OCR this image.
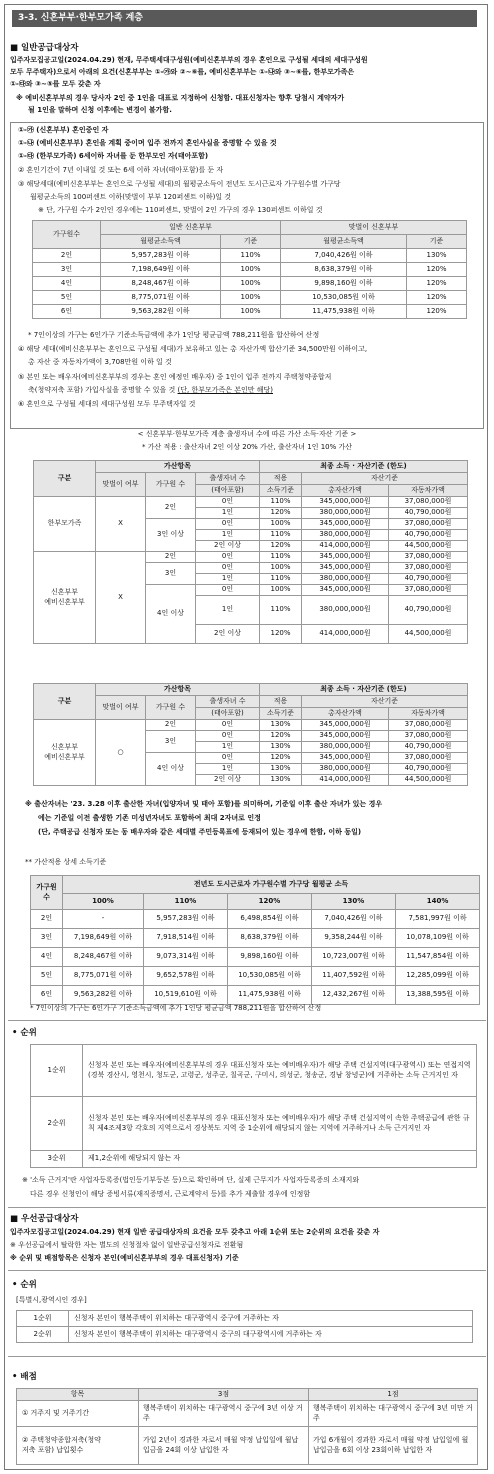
3-3. 신혼부부·한부모가족 계층
■ 일반공급대상자
입주자모집공고일(2024.04.29) 현재, 무주택세대구성원(예비신혼부부의 경우 혼인으로 구성될 세대의 세대구성원
모두 무주택자)으로서 아래의 요건(신혼부부는 ①-㉮와 ②~⑥를, 예비신혼부부는 ①-㉯와 ③~⑥를, 한부모가족은
①-㉰와 ③~⑤를 모두 갖춘 자
※ 예비신혼부부의 경우 당사자 2인 중 1인을 대표로 지정하여 신청함. 대표신청자는 향후 당첨시 계약자가
될 1인을 말하며 신청 이후에는 변경이 불가함.
①-㉮ (신혼부부) 혼인중인 자
①-㉯ (예비신혼부부) 혼인을 계획 중이며 입주 전까지 혼인사실을 증명할 수 있을 것
①-㉰ (한부모가족) 6세이하 자녀를 둔 한부모인 자(태아포함)
② 혼인기간이 7년 이내일 것 또는 6세 이하 자녀(태아포함)를 둔 자
③ 해당세대(예비신혼부부는 혼인으로 구성될 세대)의 월평균소득이 전년도 도시근로자 가구원수별 가구당
월평균소득의 100퍼센트 이하(맞벌이 부부 120퍼센트 이하)일 것
※ 단, 가구원 수가 2인인 경우에는 110퍼센트, 맞벌이 2인 가구의 경우 130퍼센트 이하일 것
가구원수	일반 신혼부부		맞벌이 신혼부부	
	월평균소득액	기준	월평균소득액	기준
2인	5,957,283원 이하	110%	7,040,426원 이하	130%
3인	7,198,649원 이하	100%	8,638,379원 이하	120%
4인	8,248,467원 이하	100%	9,898,160원 이하	120%
5인	8,775,071원 이하	100%	10,530,085원 이하	120%
6인	9,563,282원 이하	100%	11,475,938원 이하	120%
* 7인이상의 가구는 6인가구 기준소득금액에 추가 1인당 평균금액 788,211원을 합산하여 산정
④ 해당 세대(예비신혼부부는 혼인으로 구성될 세대)가 보유하고 있는 총 자산가액 합산기준 34,500만원 이하이고,
총 자산 중 자동차가액이 3,708만원 이하 일 것
⑤ 본인 또는 배우자(예비신혼부부의 경우는 혼인 예정인 배우자) 중 1인이 입주 전까지 주택청약종합저
축(청약저축 포함) 가입사실을 증명할 수 있을 것 (단, 한부모가족은 본인만 해당)
⑥ 혼인으로 구성될 세대의 세대구성원 모두 무주택자일 것
< 신혼부부·한부모가족 계층 출생자녀 수에 따른 가산 소득·자산 기준 >
* 가산 적용 : 출산자녀 2인 이상 20% 가산, 출산자녀 1인 10% 가산
구분	가산항목			최종 소득 · 자산기준 (한도)		
	맞벌이 여부	가구원 수	출생자녀 수	적용	자산기준	
			(태아포함)	소득기준	총자산가액	자동차가액
한부모가족	X	2인	0인	110%	345,000,000원	37,080,000원
			1인	120%	380,000,000원	40,790,000원
		3인 이상	0인	100%	345,000,000원	37,080,000원
			1인	110%	380,000,000원	40,790,000원
			2인 이상	120%	414,000,000원	44,500,000원
신혼부부
예비신혼부부	X	2인	0인	110%	345,000,000원	37,080,000원
		3인	0인	100%	345,000,000원	37,080,000원
			1인	110%	380,000,000원	40,790,000원
		4인 이상	0인	100%	345,000,000원	37,080,000원
			1인	110%	380,000,000원	40,790,000원

			2인 이상	120%	414,000,000원	44,500,000원
구분	가산항목			최종 소득 · 자산기준 (한도)		
	맞벌이 여부	가구원 수	출생자녀 수	적용	자산기준	
			(태아포함)	소득기준	총자산가액	자동차가액
신혼부부
예비신혼부부	○	2인	0인	130%	345,000,000원	37,080,000원
		3인	0인	120%	345,000,000원	37,080,000원
			1인	130%	380,000,000원	40,790,000원
		4인 이상	0인	120%	345,000,000원	37,080,000원
			1인	130%	380,000,000원	40,790,000원
			2인 이상	130%	414,000,000원	44,500,000원
※ 출산자녀는 '23. 3.28 이후 출산한 자녀(입양자녀 및 태아 포함)를 의미하며, 기준일 이후 출산 자녀가 있는 경우
에는 기준일 이전 출생한 기존 미성년자녀도 포함하여 최대 2자녀로 인정
(단, 주택공급 신청자 또는 동 배우자와 같은 세대별 주민등록표에 등재되어 있는 경우에 한함, 이하 동일)
** 가산적용 상세 소득기준
가구원 수	전년도 도시근로자 가구원수별 가구당 월평균 소득				
	100%	110%	120%	130%	140%
2인	-	5,957,283원 이하	6,498,854원 이하	7,040,426원 이하	7,581,997원 이하
3인	7,198,649원 이하	7,918,514원 이하	8,638,379원 이하	9,358,244원 이하	10,078,109원 이하
4인	8,248,467원 이하	9,073,314원 이하	9,898,160원 이하	10,723,007원 이하	11,547,854원 이하
5인	8,775,071원 이하	9,652,578원 이하	10,530,085원 이하	11,407,592원 이하	12,285,099원 이하
6인	9,563,282원 이하	10,519,610원 이하	11,475,938원 이하	12,432,267원 이하	13,388,595원 이하
* 7인이상의 가구는 6인가구 기준소득금액에 추가 1인당 평균금액 788,211원을 합산하여 산정
• 순위
1순위	신청자 본인 또는 배우자(예비신혼부부의 경우 대표신청자 또는 예비배우자)가 해당 주택 건설지역(대구광역시) 또는 연접지역(경북 경산시, 영천시, 청도군, 고령군, 성주군, 칠곡군, 구미시, 의성군, 청송군, 경남 창녕군)에 거주하는 소득 근거지인 자
2순위	신청자 본인 또는 배우자(예비신혼부부의 경우 대표신청자 또는 예비배우자)가 해당 주택 건설지역이 속한 주택공급에 관한 규칙 제4조제3항 각호의 지역으로서 경상북도 지역 중 1순위에 해당되지 않는 지역에 거주하거나 소득 근거지인 자
3순위	제1,2순위에 해당되지 않는 자
※ '소득 근거지'란 사업자등록증(법인등기부등본 등)으로 확인하며 단, 실제 근무지가 사업자등록증의 소재지와
다른 경우 신청인이 해당 증빙서류(재직증명서, 근로계약서 등)를 추가 제출할 경우에 인정함
■ 우선공급대상자
입주자모집공고일(2024.04.29) 현재 일반 공급대상자의 요건을 모두 갖추고 아래 1순위 또는 2순위의 요건을 갖춘 자
※ 우선공급에서 탈락한 자는 별도의 신청절차 없이 일반공급신청자로 전환됨
※ 순위 및 배점항목은 신청자 본인(예비신혼부부의 경우 대표신청자) 기준
• 순위
[특별시,광역시인 경우]
1순위	신청자 본인이 행복주택이 위치하는 대구광역시 중구에 거주하는 자
2순위	신청자 본인이 행복주택이 위치하는 대구광역시 중구의 대구광역시에 거주하는 자
• 배점
항목	3점	1점
① 거주지 및 거주기간	행복주택이 위치하는 대구광역시 중구에 3년 이상 거주	행복주택이 위치하는 대구광역시 중구에 3년 미만 거주
② 주택청약종합저축(청약
저축 포함) 납입횟수	가입 2년이 경과한 자로서 매월 약정 납입일에 월납입금을 24회 이상 납입한 자	가입 6개월이 경과한 자로서 매월 약정 납입일에 월납입금을 6회 이상 23회이하 납입한 자
